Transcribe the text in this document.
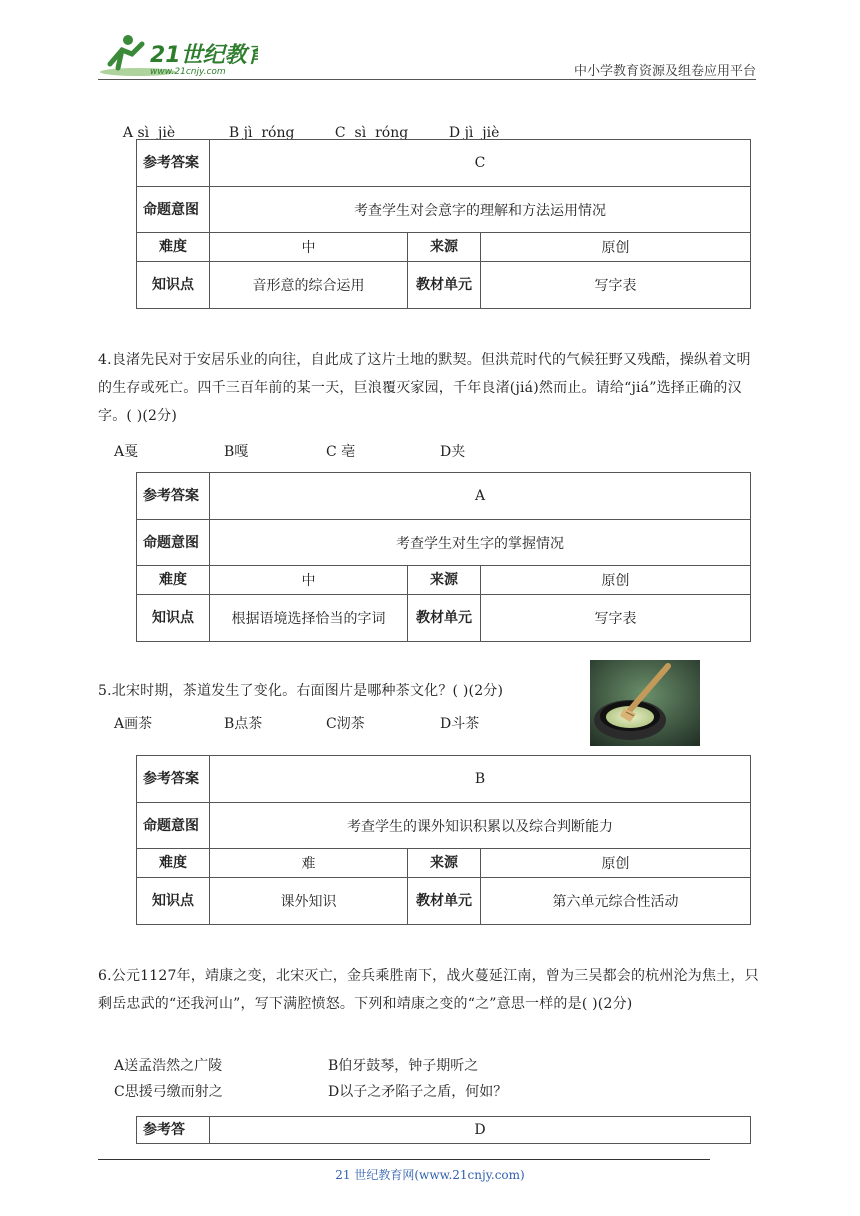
21世纪教育
www.21cnjy.com	中小学教育资源及组卷应用平台

A sì  jiè	B jì  róng	C  sì  róng	D jì  jiè

参考答案	C		
命题意图	考查学生对会意字的理解和方法运用情况		
难度	中	来源	原创
知识点	音形意的综合运用	教材单元	写字表
4.良渚先民对于安居乐业的向往，自此成了这片土地的默契。但洪荒时代的气候狂野又残酷，操纵着文明的生存或死亡。四千三百年前的某一天，巨浪覆灭家园，千年良渚(jiá)然而止。请给“jiá”选择正确的汉字。( )(2分)
A戛	B嘎	C 亳	D夹
参考答案	A		
命题意图	考查学生对生字的掌握情况		
难度	中	来源	原创
知识点	根据语境选择恰当的字词	教材单元	写字表
5.北宋时期，茶道发生了变化。右面图片是哪种茶文化？( )(2分)
A画茶	B点茶	C沏茶	D斗茶
参考答案	B		
命题意图	考查学生的课外知识积累以及综合判断能力		
难度	难	来源	原创
知识点	课外知识	教材单元	第六单元综合性活动
6.公元1127年，靖康之变，北宋灭亡，金兵乘胜南下，战火蔓延江南，曾为三吴都会的杭州沦为焦土，只剩岳忠武的“还我河山”，写下满腔愤怒。下列和靖康之变的“之”意思一样的是( )(2分)
A送孟浩然之广陵	B伯牙鼓琴，钟子期听之
C思援弓缴而射之	D以子之矛陷子之盾，何如？
参考答	D
21 世纪教育网(www.21cnjy.com)
